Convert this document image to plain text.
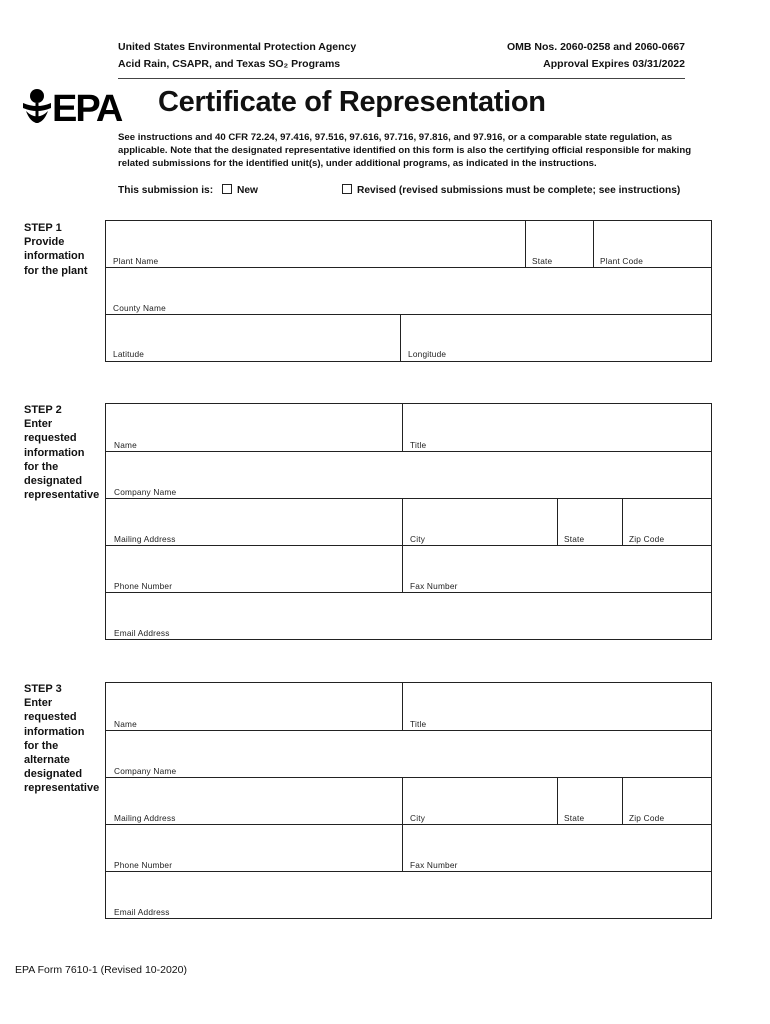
United States Environmental Protection Agency
Acid Rain, CSAPR, and Texas SO₂ Programs
OMB Nos. 2060-0258 and 2060-0667
Approval Expires 03/31/2022
EPA Certificate of Representation
See instructions and 40 CFR 72.24, 97.416, 97.516, 97.616, 97.716, 97.816, and 97.916, or a comparable state regulation, as applicable. Note that the designated representative identified on this form is also the certifying official responsible for making related submissions for the identified unit(s), under additional programs, as indicated in the instructions.
This submission is:	New	Revised (revised submissions must be complete; see instructions)
STEP 1
Provide
information
for the plant
Plant Name	State	Plant Code
County Name
Latitude	Longitude
STEP 2
Enter
requested
information
for the
designated
representative
Name	Title
Company Name
Mailing Address	City	State	Zip Code
Phone Number	Fax Number
Email Address
STEP 3
Enter
requested
information
for the
alternate
designated
representative
Name	Title
Company Name
Mailing Address	City	State	Zip Code
Phone Number	Fax Number
Email Address
EPA Form 7610-1 (Revised 10-2020)
